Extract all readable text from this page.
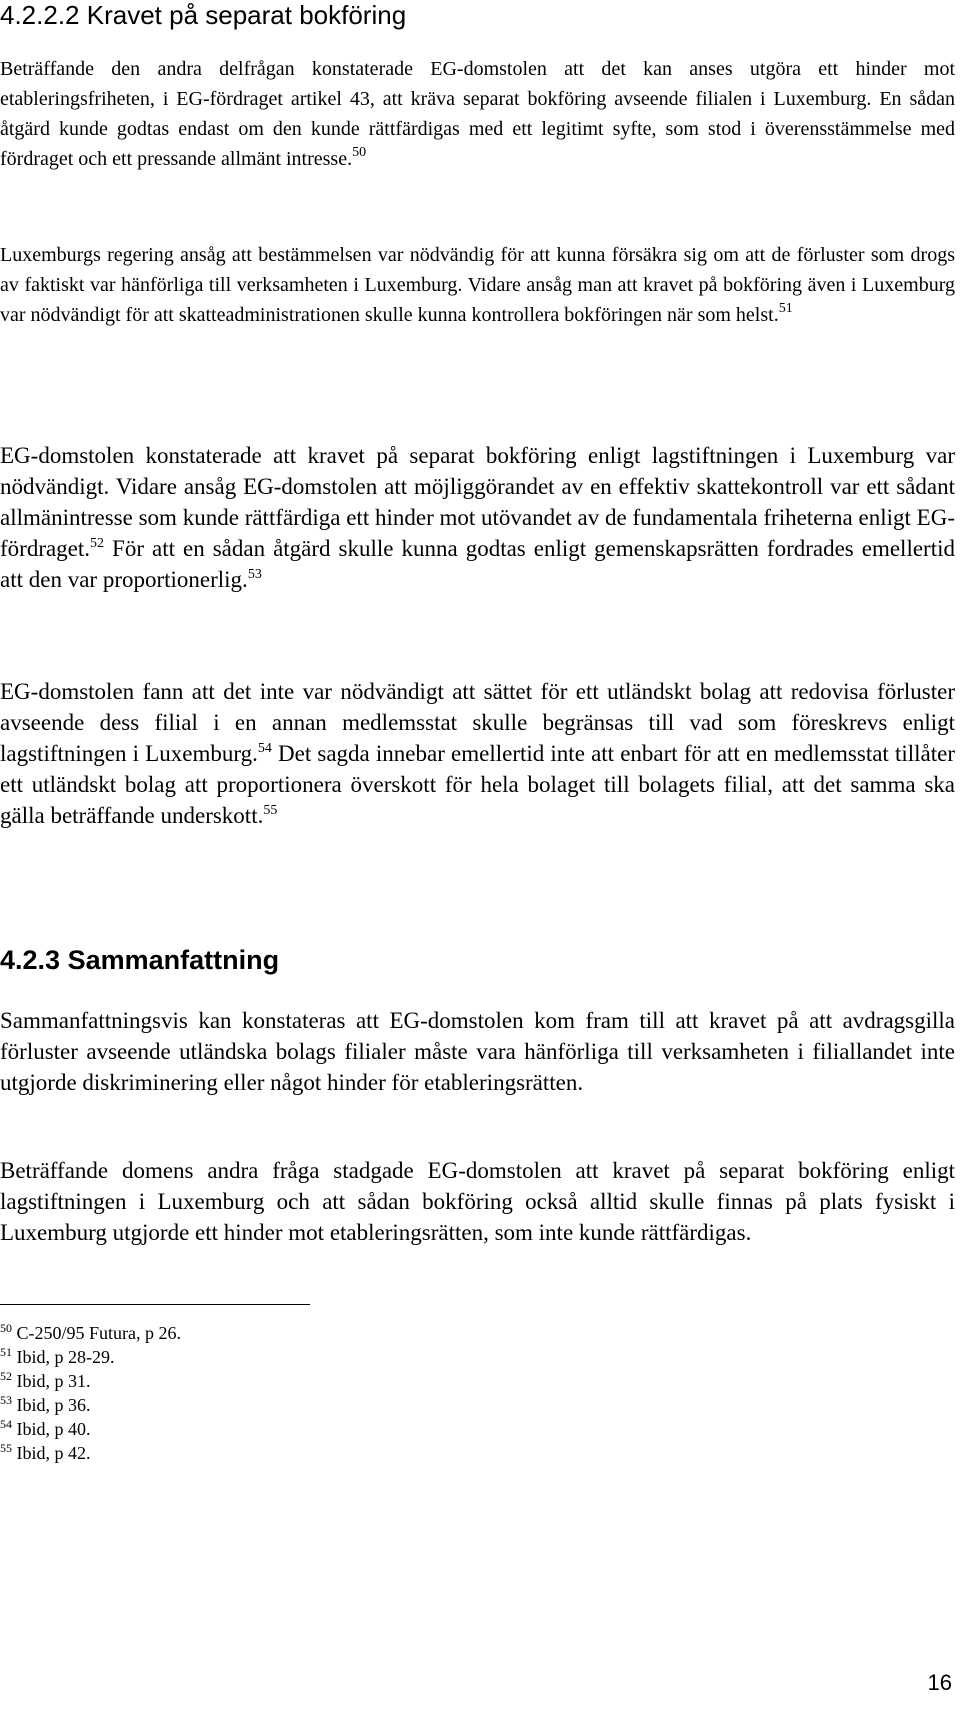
4.2.2.2 Kravet på separat bokföring

Beträffande den andra delfrågan konstaterade EG-domstolen att det kan anses utgöra ett hinder mot etableringsfriheten, i EG-fördraget artikel 43, att kräva separat bokföring avseende filialen i Luxemburg. En sådan åtgärd kunde godtas endast om den kunde rättfärdigas med ett legitimt syfte, som stod i överensstämmelse med fördraget och ett pressande allmänt intresse.$^{50}$

Luxemburgs regering ansåg att bestämmelsen var nödvändig för att kunna försäkra sig om att de förluster som drogs av faktiskt var hänförliga till verksamheten i Luxemburg. Vidare ansåg man att kravet på bokföring även i Luxemburg var nödvändigt för att skatteadministrationen skulle kunna kontrollera bokföringen när som helst.$^{51}$

EG-domstolen konstaterade att kravet på separat bokföring enligt lagstiftningen i Luxemburg var nödvändigt. Vidare ansåg EG-domstolen att möjliggörandet av en effektiv skattekontroll var ett sådant allmänintresse som kunde rättfärdiga ett hinder mot utövandet av de fundamentala friheterna enligt EG-fördraget.$^{52}$ För att en sådan åtgärd skulle kunna godtas enligt gemenskapsrätten fordrades emellertid att den var proportionerlig.$^{53}$

EG-domstolen fann att det inte var nödvändigt att sättet för ett utländskt bolag att redovisa förluster avseende dess filial i en annan medlemsstat skulle begränsas till vad som föreskrevs enligt lagstiftningen i Luxemburg.$^{54}$ Det sagda innebar emellertid inte att enbart för att en medlemsstat tillåter ett utländskt bolag att proportionera överskott för hela bolaget till bolagets filial, att det samma ska gälla beträffande underskott.$^{55}$

4.2.3 Sammanfattning

Sammanfattningsvis kan konstateras att EG-domstolen kom fram till att kravet på att avdragsgilla förluster avseende utländska bolags filialer måste vara hänförliga till verksamheten i filiallandet inte utgjorde diskriminering eller något hinder för etableringsrätten.

Beträffande domens andra fråga stadgade EG-domstolen att kravet på separat bokföring enligt lagstiftningen i Luxemburg och att sådan bokföring också alltid skulle finnas på plats fysiskt i Luxemburg utgjorde ett hinder mot etableringsrätten, som inte kunde rättfärdigas.

$^{50}$ C-250/95 Futura, p 26.

$^{51}$ Ibid, p 28-29.

$^{52}$ Ibid, p 31.

$^{53}$ Ibid, p 36.

$^{54}$ Ibid, p 40.

$^{55}$ Ibid, p 42.

16
